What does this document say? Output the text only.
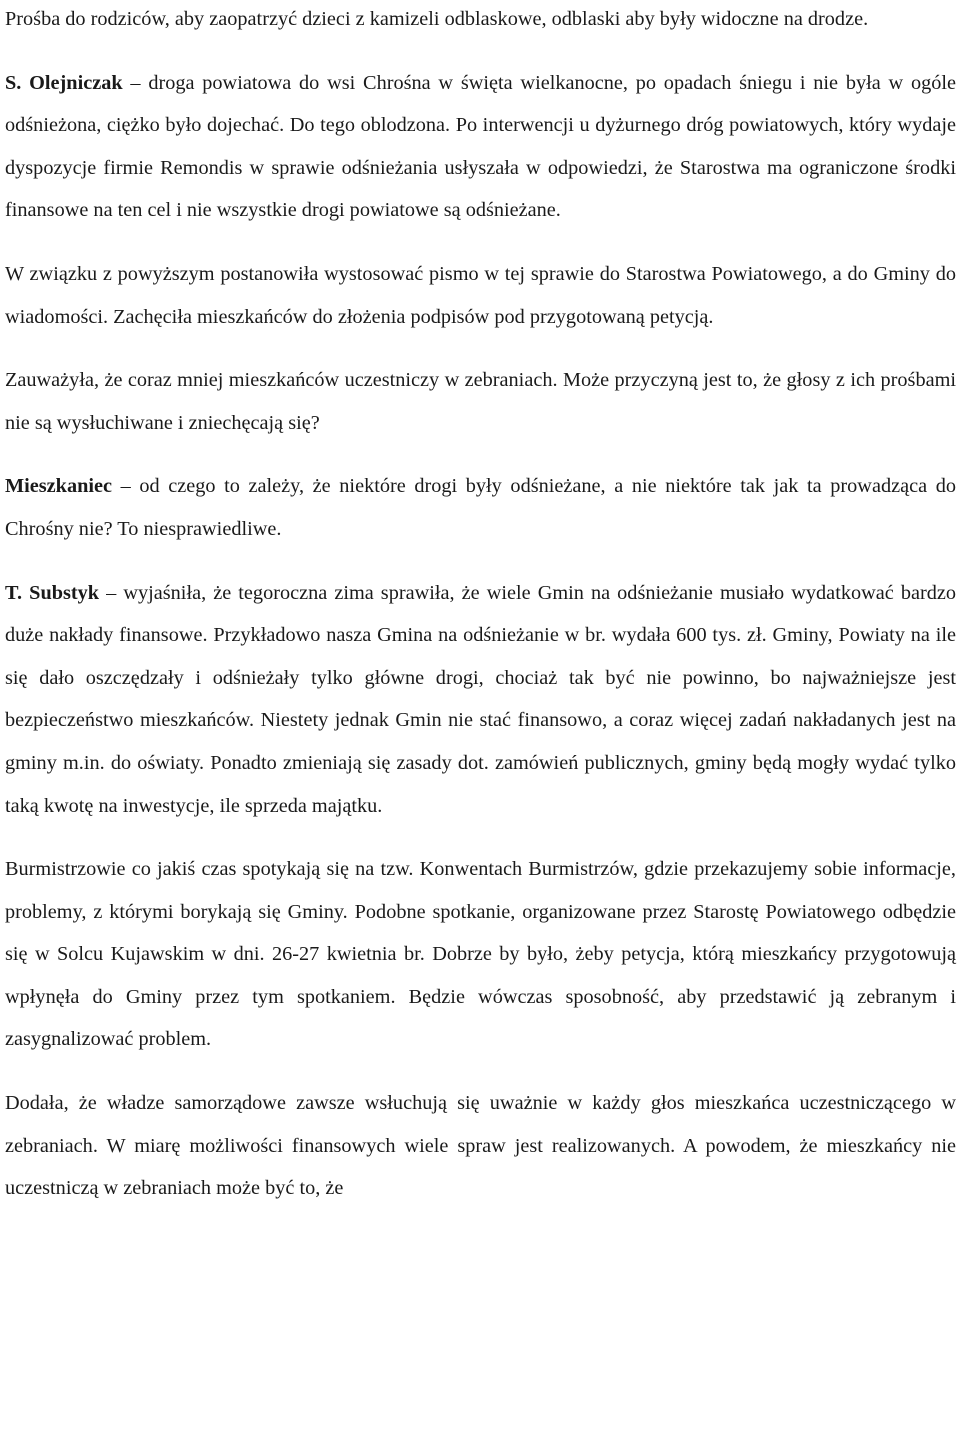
Prośba do rodziców, aby zaopatrzyć dzieci z kamizeli odblaskowe, odblaski aby były widoczne na drodze.

S. Olejniczak – droga powiatowa do wsi Chrośna w święta wielkanocne, po opadach śniegu i nie była w ogóle odśnieżona, ciężko było dojechać. Do tego oblodzona. Po interwencji u dyżurnego dróg powiatowych, który wydaje dyspozycje firmie Remondis w sprawie odśnieżania usłyszała w odpowiedzi, że Starostwa ma ograniczone środki finansowe na ten cel i nie wszystkie drogi powiatowe są odśnieżane.

W związku z powyższym postanowiła wystosować pismo w tej sprawie do Starostwa Powiatowego, a do Gminy do wiadomości. Zachęciła mieszkańców do złożenia podpisów pod przygotowaną petycją.

Zauważyła, że coraz mniej mieszkańców uczestniczy w zebraniach. Może przyczyną jest to, że głosy z ich prośbami nie są wysłuchiwane i zniechęcają się?

Mieszkaniec – od czego to zależy, że niektóre drogi były odśnieżane, a nie niektóre tak jak ta prowadząca do Chrośny nie? To niesprawiedliwe.

T. Substyk – wyjaśniła, że tegoroczna zima sprawiła, że wiele Gmin na odśnieżanie musiało wydatkować bardzo duże nakłady finansowe. Przykładowo nasza Gmina na odśnieżanie w br. wydała 600 tys. zł. Gminy, Powiaty na ile się dało oszczędzały i odśnieżały tylko główne drogi, chociaż tak być nie powinno, bo najważniejsze jest bezpieczeństwo mieszkańców. Niestety jednak Gmin nie stać finansowo, a coraz więcej zadań nakładanych jest na gminy m.in. do oświaty. Ponadto zmieniają się zasady dot. zamówień publicznych, gminy będą mogły wydać tylko taką kwotę na inwestycje, ile sprzeda majątku.

Burmistrzowie co jakiś czas spotykają się na tzw. Konwentach Burmistrzów, gdzie przekazujemy sobie informacje, problemy, z którymi borykają się Gminy. Podobne spotkanie, organizowane przez Starostę Powiatowego odbędzie się w Solcu Kujawskim w dni. 26-27 kwietnia br. Dobrze by było, żeby petycja, którą mieszkańcy przygotowują wpłynęła do Gminy przez tym spotkaniem. Będzie wówczas sposobność, aby przedstawić ją zebranym i zasygnalizować problem.

Dodała, że władze samorządowe zawsze wsłuchują się uważnie w każdy głos mieszkańca uczestniczącego w zebraniach. W miarę możliwości finansowych wiele spraw jest realizowanych. A powodem, że mieszkańcy nie uczestniczą w zebraniach może być to, że
